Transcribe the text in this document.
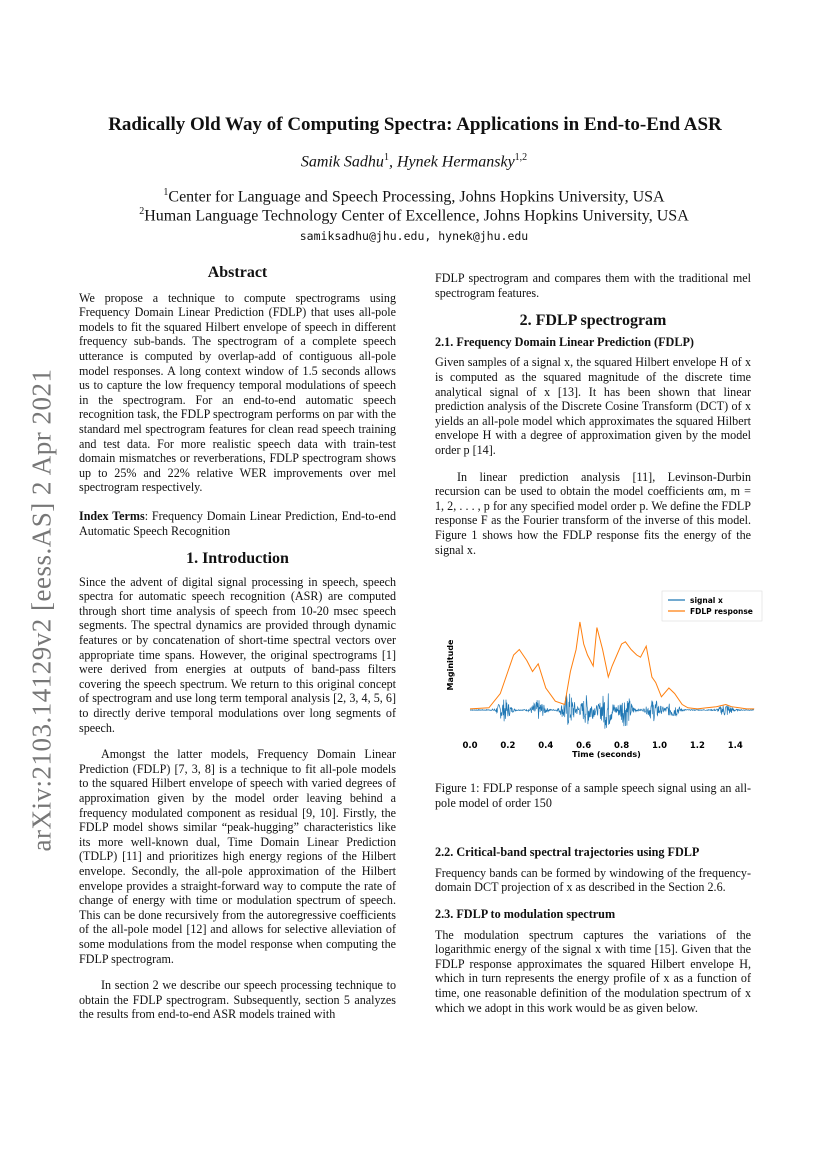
arXiv:2103.14129v2 [eess.AS] 2 Apr 2021
Radically Old Way of Computing Spectra: Applications in End-to-End ASR
Samik Sadhu$^1$, Hynek Hermansky$^{1,2}$
$^1$Center for Language and Speech Processing, Johns Hopkins University, USA
$^2$Human Language Technology Center of Excellence, Johns Hopkins University, USA
samiksadhu@jhu.edu, hynek@jhu.edu
Abstract

We propose a technique to compute spectrograms using Frequency Domain Linear Prediction (FDLP) that uses all-pole models to fit the squared Hilbert envelope of speech in different frequency sub-bands. The spectrogram of a complete speech utterance is computed by overlap-add of contiguous all-pole model responses. A long context window of 1.5 seconds allows us to capture the low frequency temporal modulations of speech in the spectrogram. For an end-to-end automatic speech recognition task, the FDLP spectrogram performs on par with the standard mel spectrogram features for clean read speech training and test data. For more realistic speech data with train-test domain mismatches or reverberations, FDLP spectrogram shows up to 25% and 22% relative WER improvements over mel spectrogram respectively.

Index Terms: Frequency Domain Linear Prediction, End-to-end Automatic Speech Recognition

1. Introduction

Since the advent of digital signal processing in speech, speech spectra for automatic speech recognition (ASR) are computed through short time analysis of speech from 10-20 msec speech segments. The spectral dynamics are provided through dynamic features or by concatenation of short-time spectral vectors over appropriate time spans. However, the original spectrograms [1] were derived from energies at outputs of band-pass filters covering the speech spectrum. We return to this original concept of spectrogram and use long term temporal analysis [2, 3, 4, 5, 6] to directly derive temporal modulations over long segments of speech.

Amongst the latter models, Frequency Domain Linear Prediction (FDLP) [7, 3, 8] is a technique to fit all-pole models to the squared Hilbert envelope of speech with varied degrees of approximation given by the model order leaving behind a frequency modulated component as residual [9, 10]. Firstly, the FDLP model shows similar “peak-hugging” characteristics like its more well-known dual, Time Domain Linear Prediction (TDLP) [11] and prioritizes high energy regions of the Hilbert envelope. Secondly, the all-pole approximation of the Hilbert envelope provides a straight-forward way to compute the rate of change of energy with time or modulation spectrum of speech. This can be done recursively from the autoregressive coefficients of the all-pole model [12] and allows for selective alleviation of some modulations from the model response when computing the FDLP spectrogram.

In section 2 we describe our speech processing technique to obtain the FDLP spectrogram. Subsequently, section 5 analyzes the results from end-to-end ASR models trained with

FDLP spectrogram and compares them with the traditional mel spectrogram features.

2. FDLP spectrogram
2.1. Frequency Domain Linear Prediction (FDLP)

Given samples of a signal x, the squared Hilbert envelope H of x is computed as the squared magnitude of the discrete time analytical signal of x [13]. It has been shown that linear prediction analysis of the Discrete Cosine Transform (DCT) of x yields an all-pole model which approximates the squared Hilbert envelope H with a degree of approximation given by the model order p [14].

In linear prediction analysis [11], Levinson-Durbin recursion can be used to obtain the model coefficients αm, m = 1, 2, . . . , p for any specified model order p. We define the FDLP response F as the Fourier transform of the inverse of this model. Figure 1 shows how the FDLP response fits the energy of the signal x.

0.0	0.2	0.4	0.6	0.8	1.0	1.2	1.4
Time (seconds)
Maginitude
signal x
FDLP response

Figure 1: FDLP response of a sample speech signal using an all-pole model of order 150

2.2. Critical-band spectral trajectories using FDLP

Frequency bands can be formed by windowing of the frequency-domain DCT projection of x as described in the Section 2.6.

2.3. FDLP to modulation spectrum

The modulation spectrum captures the variations of the logarithmic energy of the signal x with time [15]. Given that the FDLP response approximates the squared Hilbert envelope H, which in turn represents the energy profile of x as a function of time, one reasonable definition of the modulation spectrum of x which we adopt in this work would be as given below.
